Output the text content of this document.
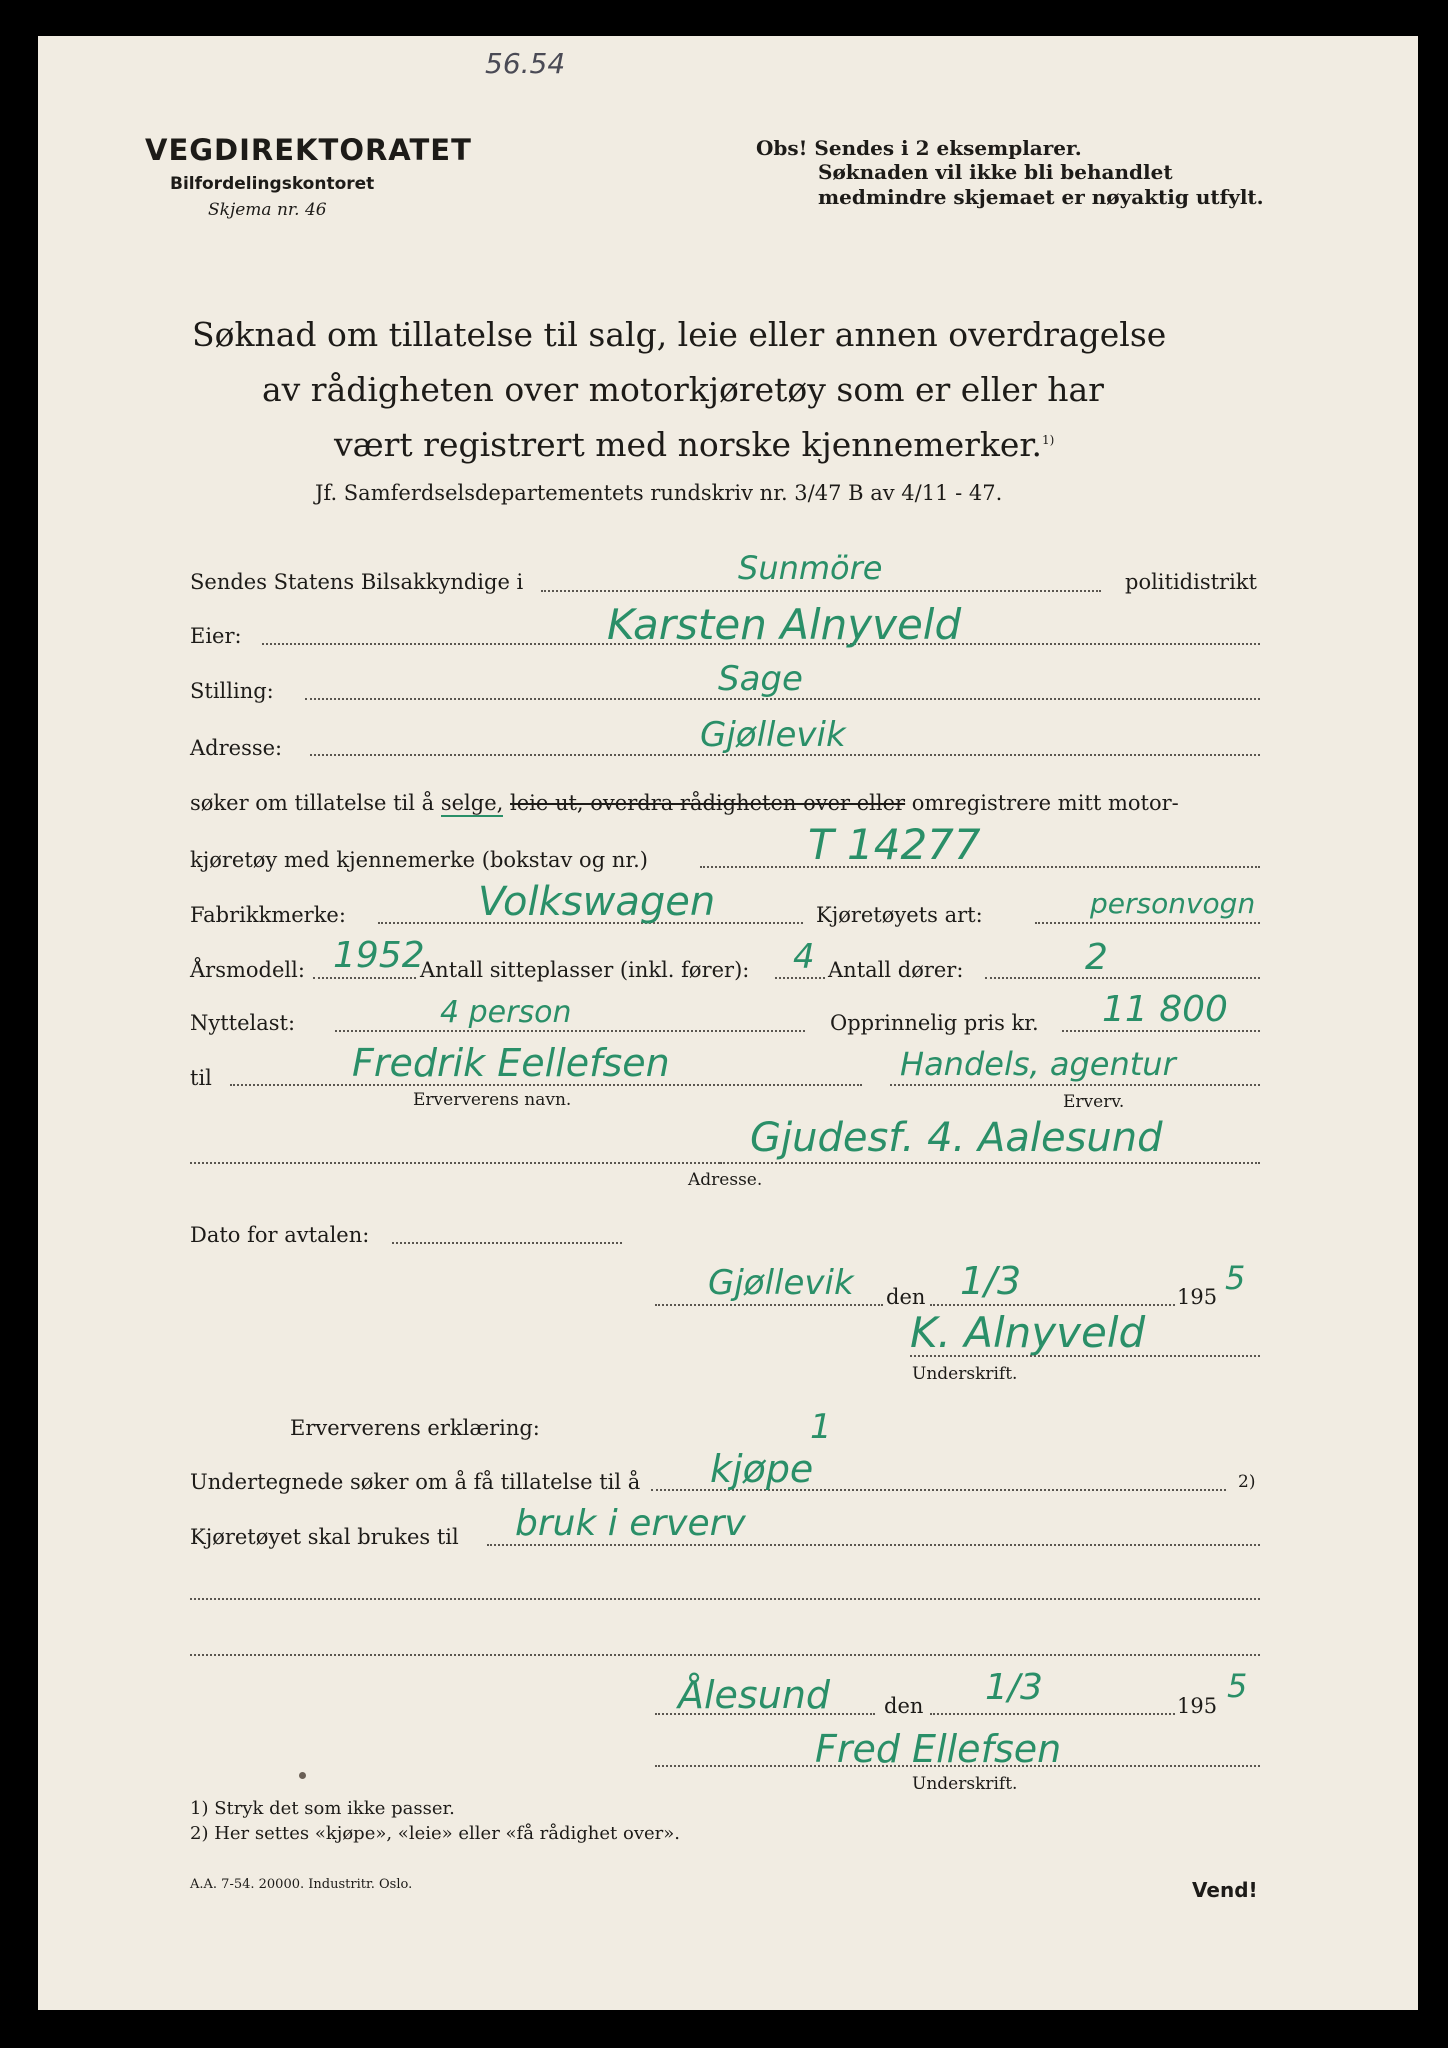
56.54
VEGDIREKTORATET
Bilfordelingskontoret
Skjema nr. 46
Obs! Sendes i 2 eksemplarer.
Søknaden vil ikke bli behandlet
medmindre skjemaet er nøyaktig utfylt.
Søknad om tillatelse til salg, leie eller annen overdragelse
av rådigheten over motorkjøretøy som er eller har
vært registrert med norske kjennemerker.$^{1)}$
Jf. Samferdselsdepartementets rundskriv nr. 3/47 B av 4/11 - 47.
Sendes Statens Bilsakkyndige i	Sunmöre	politidistrikt
Eier:	Karsten Alnyveld
Stilling:	Sage
Adresse:	Gjøllevik
søker om tillatelse til å selge, leie ut, overdra rådigheten over eller omregistrere mitt motor-
kjøretøy med kjennemerke (bokstav og nr.)	T 14277
Fabrikkmerke:	Volkswagen	Kjøretøyets art:	personvogn
Årsmodell: 1952
Antall sitteplasser (inkl. fører): 4 Antall dører:	2
Nyttelast:	4 person	Opprinnelig pris kr. 11 800
til	Fredrik Eellefsen	Handels, agentur
Erververens navn.	Erverv.
Gjudesf. 4. Aalesund
Adresse.
Dato for avtalen:
Gjøllevik den 1/3	195 5
K. Alnyveld
Underskrift.
Erververens erklæring:
Undertegnede søker om å få tillatelse til å
1
kjøpe	2)
Kjøretøyet skal brukes til bruk i erverv
Ålesund	den 1/3	195
5
Fred Ellefsen
Underskrift.
1) Stryk det som ikke passer.
2) Her settes «kjøpe», «leie» eller «få rådighet over».
A.A. 7-54. 20000. Industritr. Oslo.	Vend!
